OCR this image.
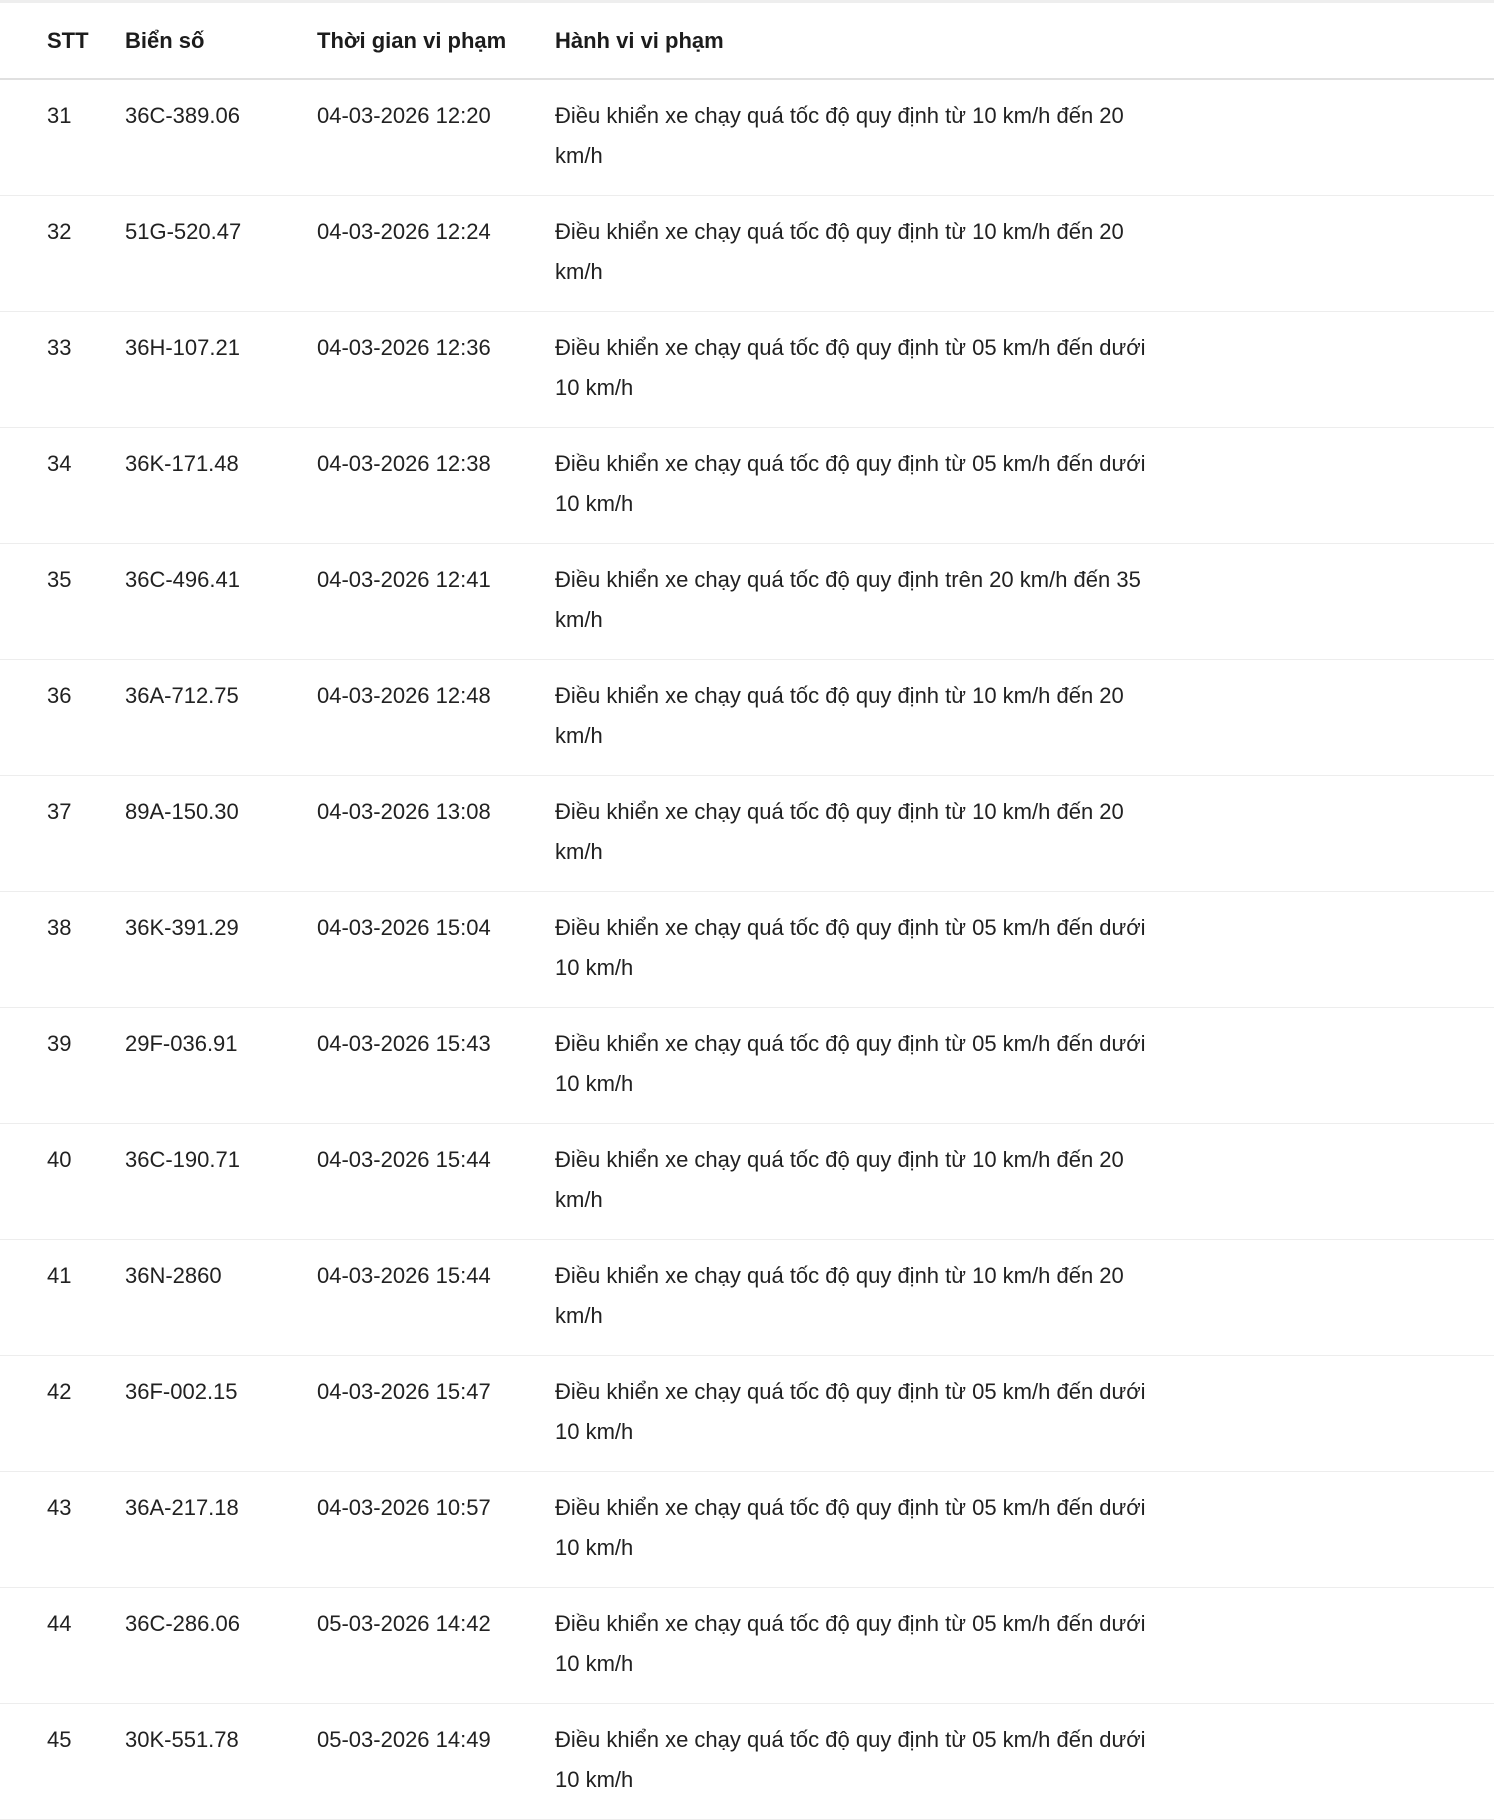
STT	Biển số	Thời gian vi phạm	Hành vi vi phạm
31	36C-389.06	04-03-2026 12:20	Điều khiển xe chạy quá tốc độ quy định từ 10 km/h đến 20 km/h
32	51G-520.47	04-03-2026 12:24	Điều khiển xe chạy quá tốc độ quy định từ 10 km/h đến 20 km/h
33	36H-107.21	04-03-2026 12:36	Điều khiển xe chạy quá tốc độ quy định từ 05 km/h đến dưới 10 km/h
34	36K-171.48	04-03-2026 12:38	Điều khiển xe chạy quá tốc độ quy định từ 05 km/h đến dưới 10 km/h
35	36C-496.41	04-03-2026 12:41	Điều khiển xe chạy quá tốc độ quy định trên 20 km/h đến 35 km/h
36	36A-712.75	04-03-2026 12:48	Điều khiển xe chạy quá tốc độ quy định từ 10 km/h đến 20 km/h
37	89A-150.30	04-03-2026 13:08	Điều khiển xe chạy quá tốc độ quy định từ 10 km/h đến 20 km/h
38	36K-391.29	04-03-2026 15:04	Điều khiển xe chạy quá tốc độ quy định từ 05 km/h đến dưới 10 km/h
39	29F-036.91	04-03-2026 15:43	Điều khiển xe chạy quá tốc độ quy định từ 05 km/h đến dưới 10 km/h
40	36C-190.71	04-03-2026 15:44	Điều khiển xe chạy quá tốc độ quy định từ 10 km/h đến 20 km/h
41	36N-2860	04-03-2026 15:44	Điều khiển xe chạy quá tốc độ quy định từ 10 km/h đến 20 km/h
42	36F-002.15	04-03-2026 15:47	Điều khiển xe chạy quá tốc độ quy định từ 05 km/h đến dưới 10 km/h
43	36A-217.18	04-03-2026 10:57	Điều khiển xe chạy quá tốc độ quy định từ 05 km/h đến dưới 10 km/h
44	36C-286.06	05-03-2026 14:42	Điều khiển xe chạy quá tốc độ quy định từ 05 km/h đến dưới 10 km/h
45	30K-551.78	05-03-2026 14:49	Điều khiển xe chạy quá tốc độ quy định từ 05 km/h đến dưới 10 km/h
